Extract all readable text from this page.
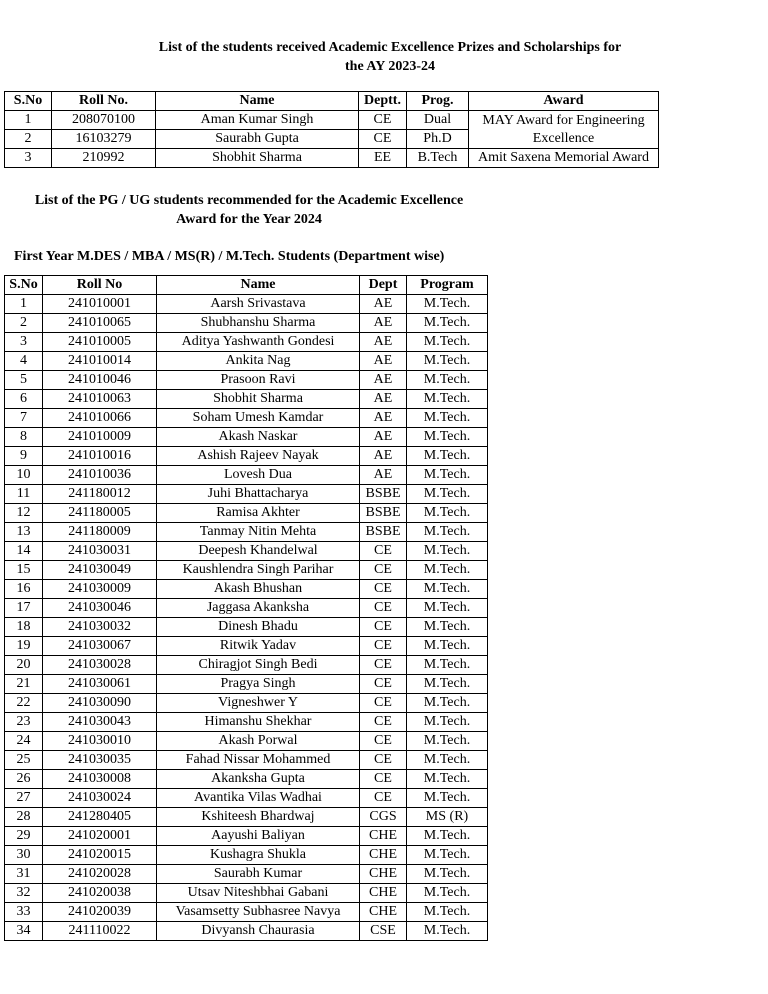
List of the students received Academic Excellence Prizes and Scholarships for
the AY 2023-24
S.No	Roll No.	Name	Deptt.	Prog.	Award
1	208070100	Aman Kumar Singh	CE	Dual	MAY Award for Engineering Excellence
2	16103279	Saurabh Gupta	CE	Ph.D	
3	210992	Shobhit Sharma	EE	B.Tech	Amit Saxena Memorial Award
List of the PG / UG students recommended for the Academic Excellence
Award for the Year 2024
First Year M.DES / MBA / MS(R) / M.Tech. Students (Department wise)
S.No	Roll No	Name	Dept	Program
1	241010001	Aarsh Srivastava	AE	M.Tech.
2	241010065	Shubhanshu Sharma	AE	M.Tech.
3	241010005	Aditya Yashwanth Gondesi	AE	M.Tech.
4	241010014	Ankita Nag	AE	M.Tech.
5	241010046	Prasoon Ravi	AE	M.Tech.
6	241010063	Shobhit Sharma	AE	M.Tech.
7	241010066	Soham Umesh Kamdar	AE	M.Tech.
8	241010009	Akash Naskar	AE	M.Tech.
9	241010016	Ashish Rajeev Nayak	AE	M.Tech.
10	241010036	Lovesh Dua	AE	M.Tech.
11	241180012	Juhi Bhattacharya	BSBE	M.Tech.
12	241180005	Ramisa Akhter	BSBE	M.Tech.
13	241180009	Tanmay Nitin Mehta	BSBE	M.Tech.
14	241030031	Deepesh Khandelwal	CE	M.Tech.
15	241030049	Kaushlendra Singh Parihar	CE	M.Tech.
16	241030009	Akash Bhushan	CE	M.Tech.
17	241030046	Jaggasa Akanksha	CE	M.Tech.
18	241030032	Dinesh Bhadu	CE	M.Tech.
19	241030067	Ritwik Yadav	CE	M.Tech.
20	241030028	Chiragjot Singh Bedi	CE	M.Tech.
21	241030061	Pragya Singh	CE	M.Tech.
22	241030090	Vigneshwer Y	CE	M.Tech.
23	241030043	Himanshu Shekhar	CE	M.Tech.
24	241030010	Akash Porwal	CE	M.Tech.
25	241030035	Fahad Nissar Mohammed	CE	M.Tech.
26	241030008	Akanksha Gupta	CE	M.Tech.
27	241030024	Avantika Vilas Wadhai	CE	M.Tech.
28	241280405	Kshiteesh Bhardwaj	CGS	MS (R)
29	241020001	Aayushi Baliyan	CHE	M.Tech.
30	241020015	Kushagra Shukla	CHE	M.Tech.
31	241020028	Saurabh Kumar	CHE	M.Tech.
32	241020038	Utsav Niteshbhai Gabani	CHE	M.Tech.
33	241020039	Vasamsetty Subhasree Navya	CHE	M.Tech.
34	241110022	Divyansh Chaurasia	CSE	M.Tech.
